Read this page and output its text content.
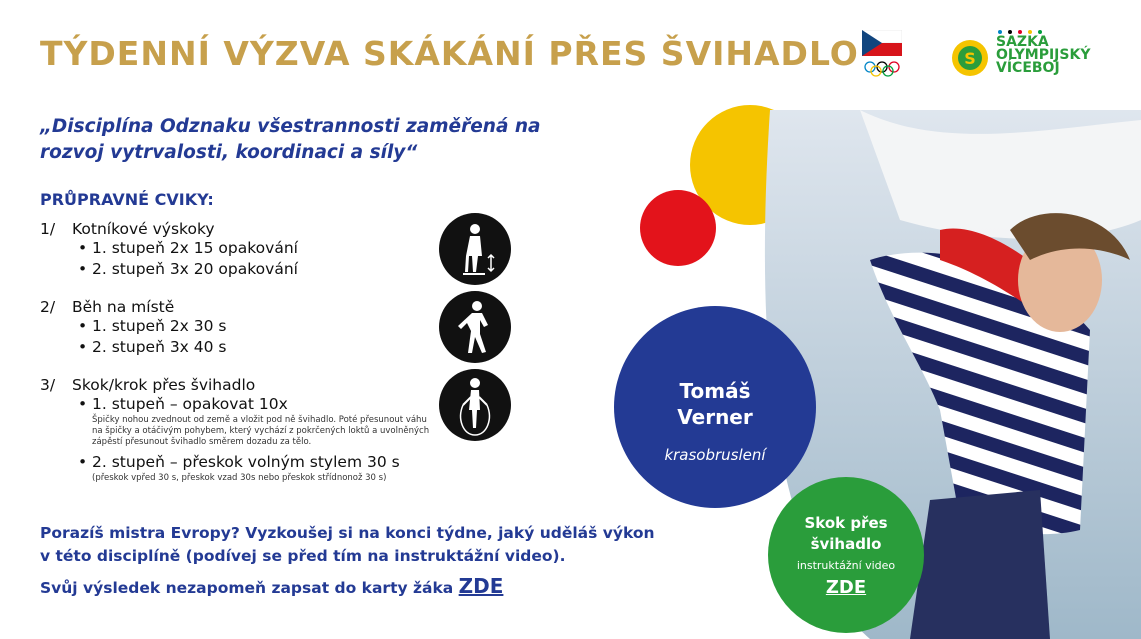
TÝDENNÍ VÝZVA SKÁKÁNÍ PŘES ŠVIHADLO	S
SAZKA
OLYMPIJSKÝ
VÍCEBOJ
„Disciplína Odznaku všestrannosti zaměřená na rozvoj vytrvalosti, koordinaci a síly“
PRŮPRAVNÉ CVIKY:
1/ Kotníkové výskoky
• 1. stupeň 2x 15 opakování
• 2. stupeň 3x 20 opakování
2/ Běh na místě
• 1. stupeň 2x 30 s
• 2. stupeň 3x 40 s
3/ Skok/krok přes švihadlo
• 1. stupeň – opakovat 10x
Špičky nohou zvednout od země a vložit pod ně švihadlo. Poté přesunout váhu na špičky a otáčivým pohybem, který vychází z pokrčených loktů a uvolněných zápěstí přesunout švihadlo směrem dozadu za tělo.
• 2. stupeň – přeskok volným stylem 30 s
(přeskok vpřed 30 s, přeskok vzad 30s nebo přeskok střídnonož 30 s)
Porazíš mistra Evropy? Vyzkoušej si na konci týdne, jaký uděláš výkon v této disciplíně (podívej se před tím na instruktážní video).
Svůj výsledek nezapomeň zapsat do karty žáka ZDE
Tomáš
Verner
krasobruslení
Skok přes
švihadlo
instruktážní video
ZDE
